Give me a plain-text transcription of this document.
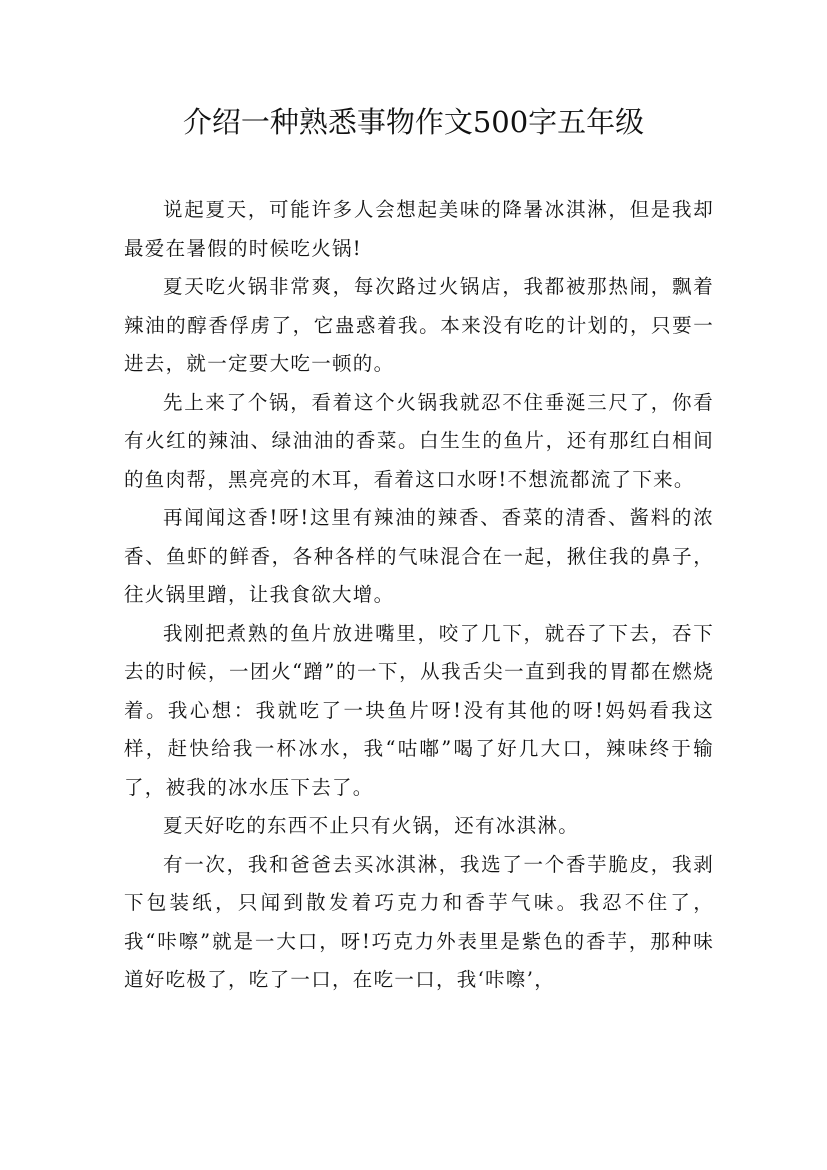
介绍一种熟悉事物作文500字五年级

说起夏天，可能许多人会想起美味的降暑冰淇淋，但是我却最爱在暑假的时候吃火锅!

夏天吃火锅非常爽，每次路过火锅店，我都被那热闹，飘着辣油的醇香俘虏了，它蛊惑着我。本来没有吃的计划的，只要一进去，就一定要大吃一顿的。

先上来了个锅，看着这个火锅我就忍不住垂涎三尺了，你看有火红的辣油、绿油油的香菜。白生生的鱼片，还有那红白相间的鱼肉帮，黑亮亮的木耳，看着这口水呀!不想流都流了下来。

再闻闻这香!呀!这里有辣油的辣香、香菜的清香、酱料的浓香、鱼虾的鲜香，各种各样的气味混合在一起，揪住我的鼻子，往火锅里蹭，让我食欲大增。

我刚把煮熟的鱼片放进嘴里，咬了几下，就吞了下去，吞下去的时候，一团火“蹭”的一下，从我舌尖一直到我的胃都在燃烧着。我心想：我就吃了一块鱼片呀!没有其他的呀!妈妈看我这样，赶快给我一杯冰水，我“咕嘟”喝了好几大口，辣味终于输了，被我的冰水压下去了。

夏天好吃的东西不止只有火锅，还有冰淇淋。

有一次，我和爸爸去买冰淇淋，我选了一个香芋脆皮，我剥下包装纸，只闻到散发着巧克力和香芋气味。我忍不住了，我“咔嚓”就是一大口，呀!巧克力外表里是紫色的香芋，那种味道好吃极了，吃了一口，在吃一口，我‘咔嚓’，
